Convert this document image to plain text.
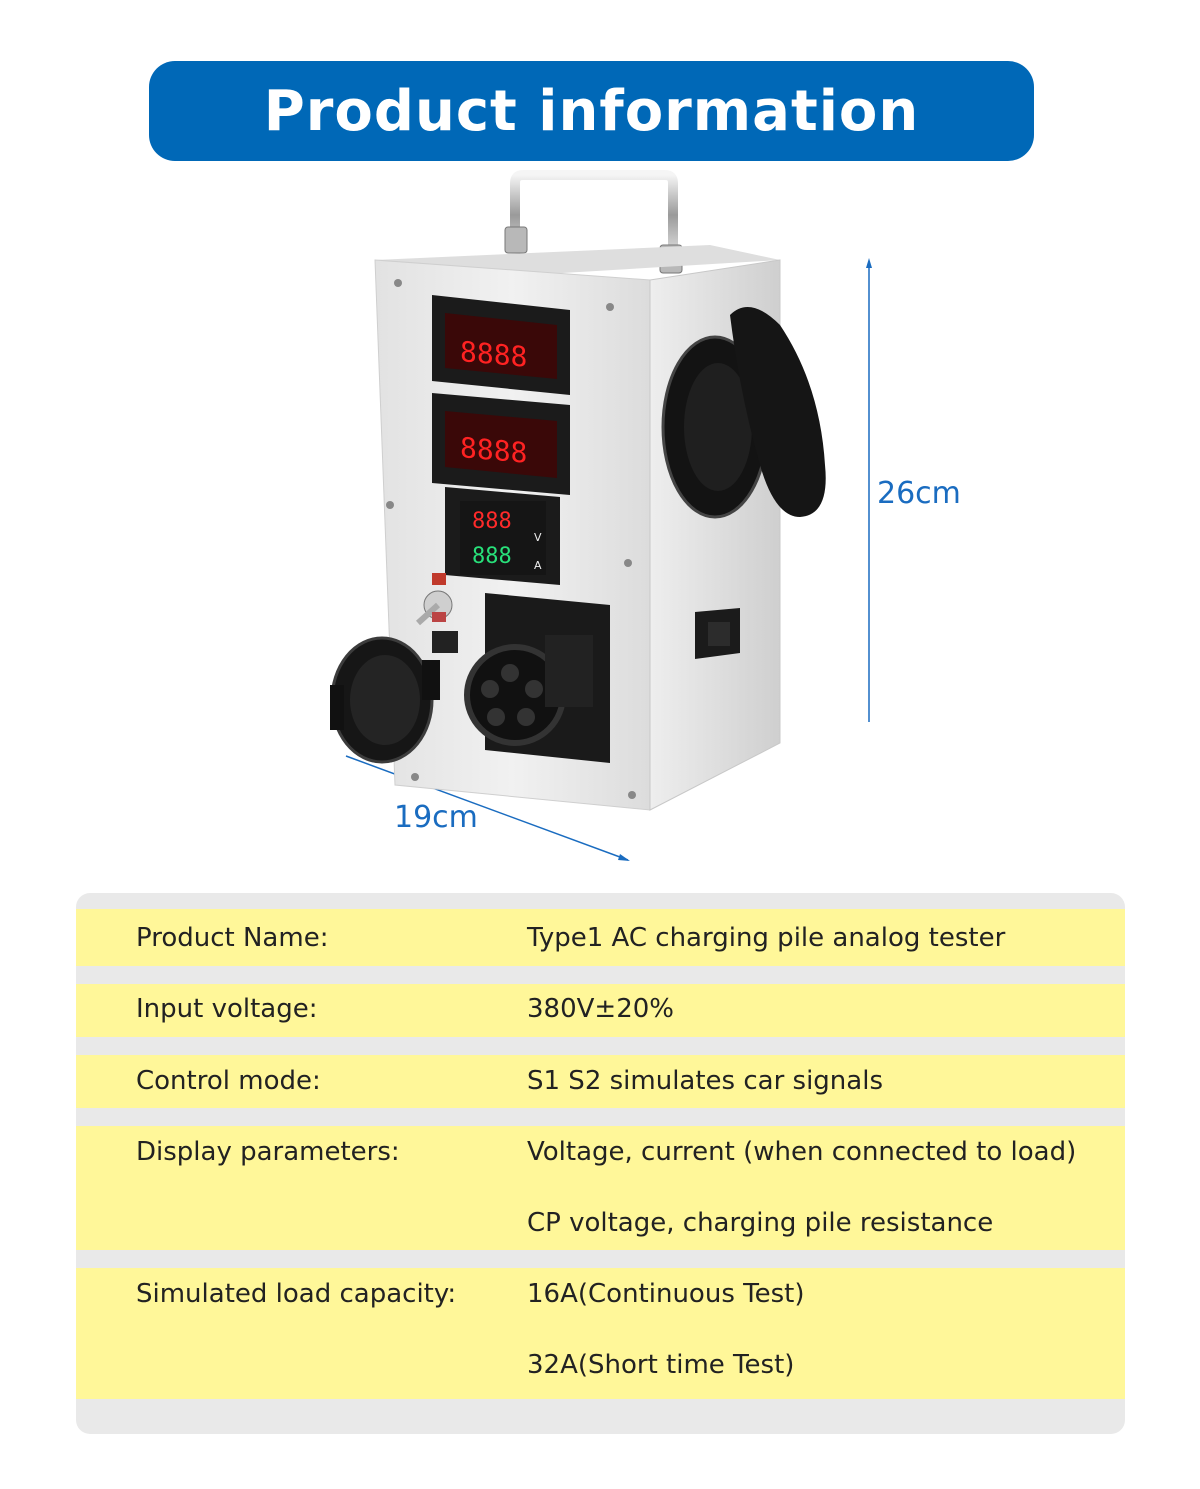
Product information
26cm
19cm
8888
8888
888
888
V
A
Product Name:	Type1 AC charging pile analog tester
Input voltage:	380V±20%
Control mode:	S1 S2 simulates car signals
Display parameters:	Voltage, current (when connected to load)
CP voltage, charging pile resistance
Simulated load capacity:	16A(Continuous Test)
32A(Short time Test)
